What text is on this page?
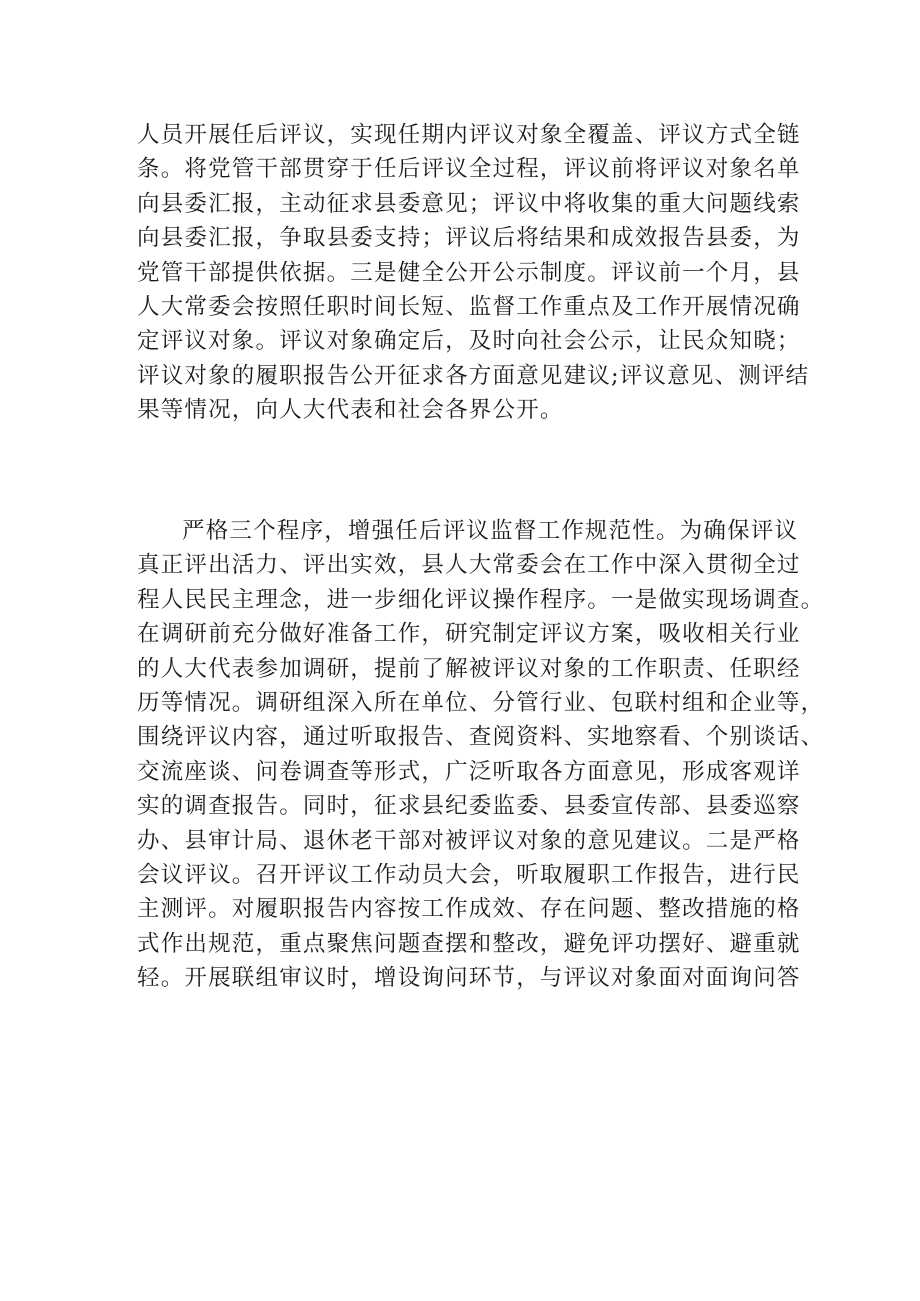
人员开展任后评议，实现任期内评议对象全覆盖、评议方式全链
条。将党管干部贯穿于任后评议全过程，评议前将评议对象名单
向县委汇报，主动征求县委意见；评议中将收集的重大问题线索
向县委汇报，争取县委支持；评议后将结果和成效报告县委，为
党管干部提供依据。三是健全公开公示制度。评议前一个月，县
人大常委会按照任职时间长短、监督工作重点及工作开展情况确
定评议对象。评议对象确定后，及时向社会公示，让民众知晓；
评议对象的履职报告公开征求各方面意见建议;评议意见、测评结
果等情况，向人大代表和社会各界公开。
严格三个程序，增强任后评议监督工作规范性。为确保评议
真正评出活力、评出实效，县人大常委会在工作中深入贯彻全过
程人民民主理念，进一步细化评议操作程序。一是做实现场调查。
在调研前充分做好准备工作，研究制定评议方案，吸收相关行业
的人大代表参加调研，提前了解被评议对象的工作职责、任职经
历等情况。调研组深入所在单位、分管行业、包联村组和企业等，
围绕评议内容，通过听取报告、查阅资料、实地察看、个别谈话、
交流座谈、问卷调查等形式，广泛听取各方面意见，形成客观详
实的调查报告。同时，征求县纪委监委、县委宣传部、县委巡察
办、县审计局、退休老干部对被评议对象的意见建议。二是严格
会议评议。召开评议工作动员大会，听取履职工作报告，进行民
主测评。对履职报告内容按工作成效、存在问题、整改措施的格
式作出规范，重点聚焦问题查摆和整改，避免评功摆好、避重就
轻。开展联组审议时，增设询问环节，与评议对象面对面询问答
